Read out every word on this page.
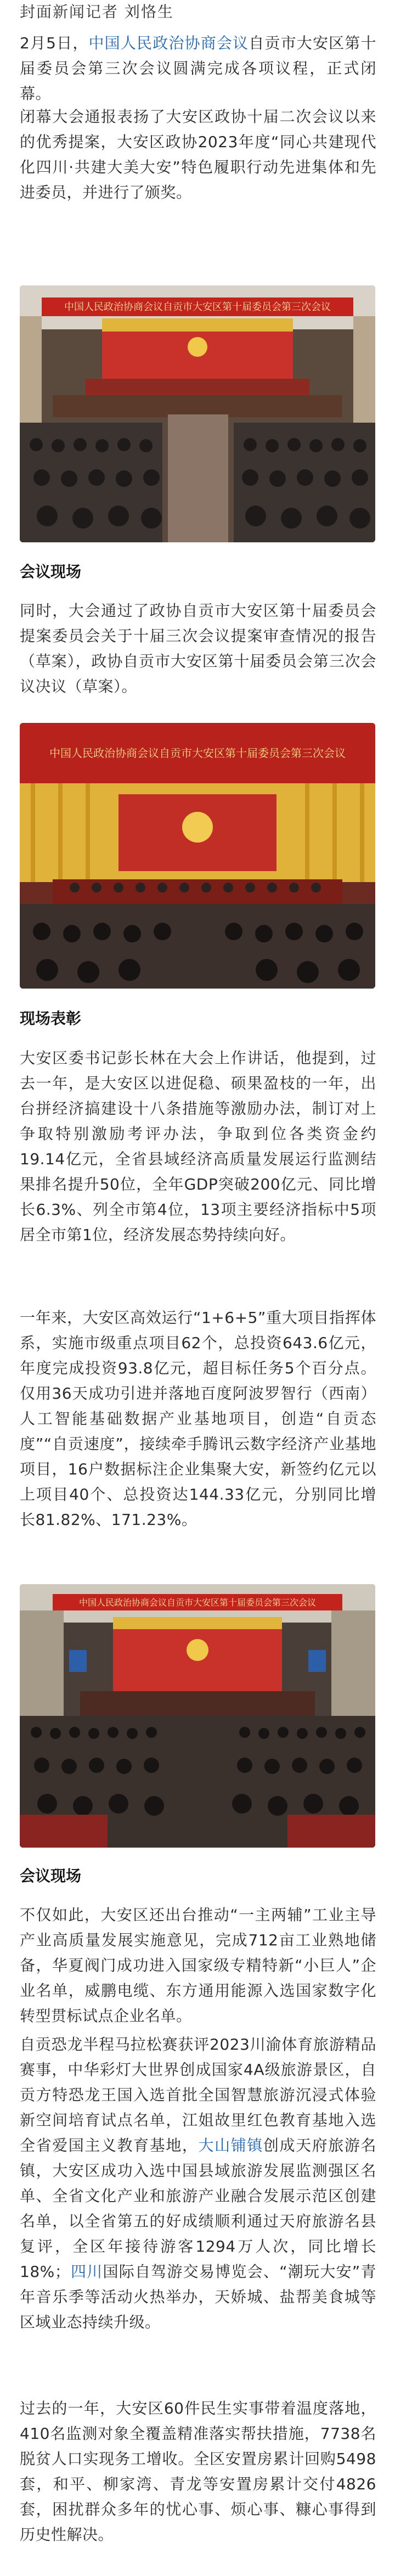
封面新闻记者 刘恪生

2月5日，中国人民政治协商会议自贡市大安区第十届委员会第三次会议圆满完成各项议程，正式闭幕。

闭幕大会通报表扬了大安区政协十届二次会议以来的优秀提案，大安区政协2023年度“同心共建现代化四川·共建大美大安”特色履职行动先进集体和先进委员，并进行了颁奖。

中国人民政治协商会议自贡市大安区第十届委员会第三次会议
会议现场

同时，大会通过了政协自贡市大安区第十届委员会提案委员会关于十届三次会议提案审查情况的报告（草案），政协自贡市大安区第十届委员会第三次会议决议（草案）。

中国人民政治协商会议自贡市大安区第十届委员会第三次会议
现场表彰

大安区委书记彭长林在大会上作讲话，他提到，过去一年，是大安区以进促稳、硕果盈枝的一年，出台拼经济搞建设十八条措施等激励办法，制订对上争取特别激励考评办法，争取到位各类资金约19.14亿元，全省县域经济高质量发展运行监测结果排名提升50位，全年GDP突破200亿元、同比增长6.3%、列全市第4位，13项主要经济指标中5项居全市第1位，经济发展态势持续向好。

一年来，大安区高效运行“1+6+5”重大项目指挥体系，实施市级重点项目62个，总投资643.6亿元，年度完成投资93.8亿元，超目标任务5个百分点。仅用36天成功引进并落地百度阿波罗智行（西南）人工智能基础数据产业基地项目，创造“自贡态度”“自贡速度”，接续牵手腾讯云数字经济产业基地项目，16户数据标注企业集聚大安，新签约亿元以上项目40个、总投资达144.33亿元，分别同比增长81.82%、171.23%。

中国人民政治协商会议自贡市大安区第十届委员会第三次会议
会议现场

不仅如此，大安区还出台推动“一主两辅”工业主导产业高质量发展实施意见，完成712亩工业熟地储备，华夏阀门成功进入国家级专精特新“小巨人”企业名单，威鹏电缆、东方通用能源入选国家数字化转型贯标试点企业名单。

自贡恐龙半程马拉松赛获评2023川渝体育旅游精品赛事，中华彩灯大世界创成国家4A级旅游景区，自贡方特恐龙王国入选首批全国智慧旅游沉浸式体验新空间培育试点名单，江姐故里红色教育基地入选全省爱国主义教育基地，大山铺镇创成天府旅游名镇，大安区成功入选中国县域旅游发展监测强区名单、全省文化产业和旅游产业融合发展示范区创建名单，以全省第五的好成绩顺利通过天府旅游名县复评，全区年接待游客1294万人次，同比增长18%；四川国际自驾游交易博览会、“潮玩大安”青年音乐季等活动火热举办，天娇城、盐帮美食城等区域业态持续升级。

过去的一年，大安区60件民生实事带着温度落地，410名监测对象全覆盖精准落实帮扶措施，7738名脱贫人口实现务工增收。全区安置房累计回购5498套，和平、柳家湾、青龙等安置房累计交付4826套，困扰群众多年的忧心事、烦心事、糠心事得到历史性解决。
